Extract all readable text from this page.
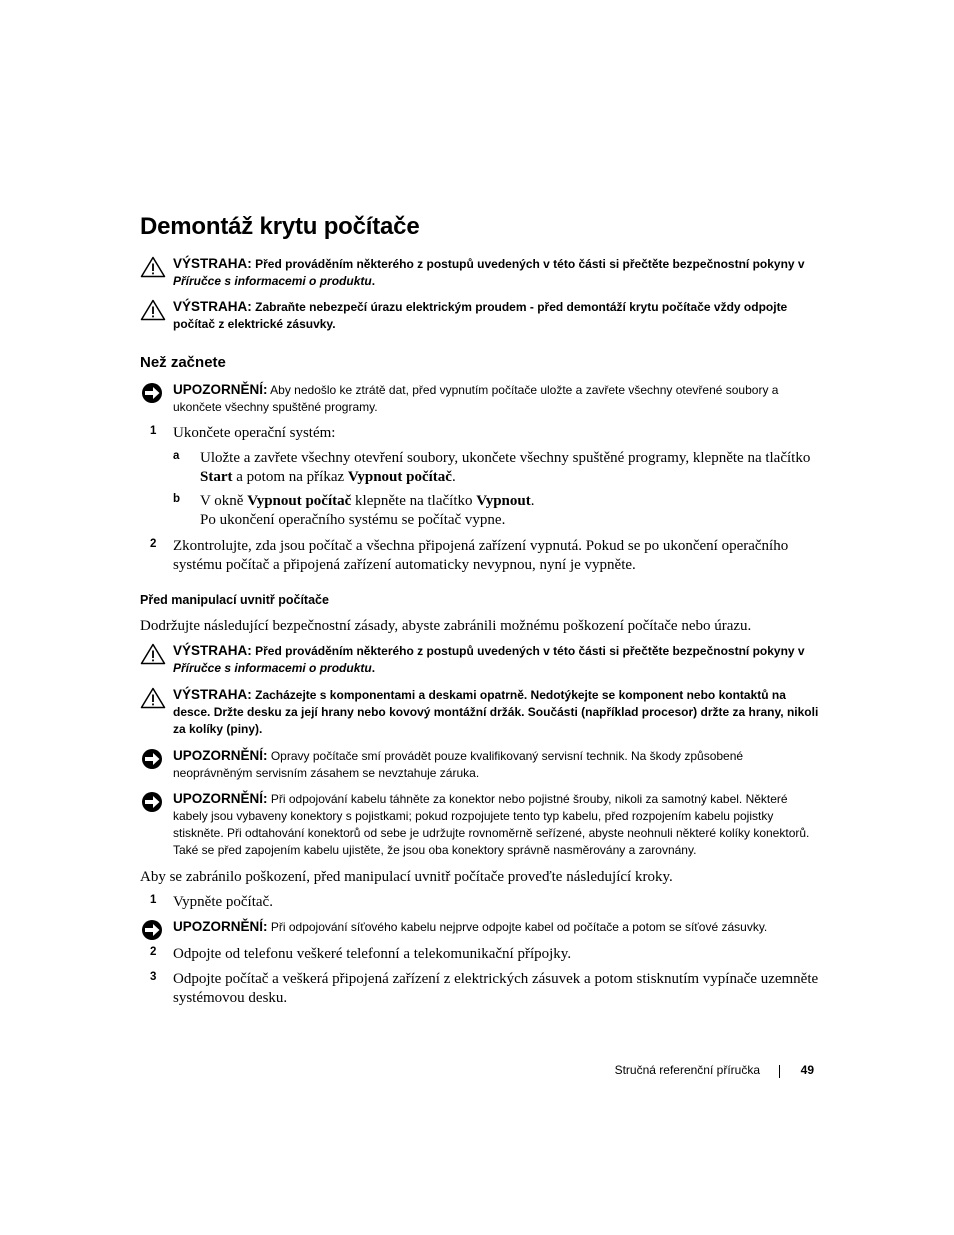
Demontáž krytu počítače
VÝSTRAHA: Před prováděním některého z postupů uvedených v této části si přečtěte bezpečnostní pokyny v Příručce s informacemi o produktu.
VÝSTRAHA: Zabraňte nebezpečí úrazu elektrickým proudem - před demontáží krytu počítače vždy odpojte počítač z elektrické zásuvky.
Než začnete
UPOZORNĚNÍ: Aby nedošlo ke ztrátě dat, před vypnutím počítače uložte a zavřete všechny otevřené soubory a ukončete všechny spuštěné programy.
1 Ukončete operační systém:
a Uložte a zavřete všechny otevření soubory, ukončete všechny spuštěné programy, klepněte na tlačítko Start a potom na příkaz Vypnout počítač.
b V okně Vypnout počítač klepněte na tlačítko Vypnout.
Po ukončení operačního systému se počítač vypne.
2 Zkontrolujte, zda jsou počítač a všechna připojená zařízení vypnutá. Pokud se po ukončení operačního systému počítač a připojená zařízení automaticky nevypnou, nyní je vypněte.
Před manipulací uvnitř počítače
Dodržujte následující bezpečnostní zásady, abyste zabránili možnému poškození počítače nebo úrazu.
VÝSTRAHA: Před prováděním některého z postupů uvedených v této části si přečtěte bezpečnostní pokyny v Příručce s informacemi o produktu.
VÝSTRAHA: Zacházejte s komponentami a deskami opatrně. Nedotýkejte se komponent nebo kontaktů na desce. Držte desku za její hrany nebo kovový montážní držák. Součásti (například procesor) držte za hrany, nikoli za kolíky (piny).
UPOZORNĚNÍ: Opravy počítače smí provádět pouze kvalifikovaný servisní technik. Na škody způsobené neoprávněným servisním zásahem se nevztahuje záruka.
UPOZORNĚNÍ: Při odpojování kabelu táhněte za konektor nebo pojistné šrouby, nikoli za samotný kabel. Některé kabely jsou vybaveny konektory s pojistkami; pokud rozpojujete tento typ kabelu, před rozpojením kabelu pojistky stiskněte. Při odtahování konektorů od sebe je udržujte rovnoměrně seřízené, abyste neohnuli některé kolíky konektorů. Také se před zapojením kabelu ujistěte, že jsou oba konektory správně nasměrovány a zarovnány.
Aby se zabránilo poškození, před manipulací uvnitř počítače proveďte následující kroky.
1 Vypněte počítač.
UPOZORNĚNÍ: Při odpojování síťového kabelu nejprve odpojte kabel od počítače a potom se síťové zásuvky.
2 Odpojte od telefonu veškeré telefonní a telekomunikační přípojky.
3 Odpojte počítač a veškerá připojená zařízení z elektrických zásuvek a potom stisknutím vypínače uzemněte systémovou desku.
Stručná referenční příručka	49
